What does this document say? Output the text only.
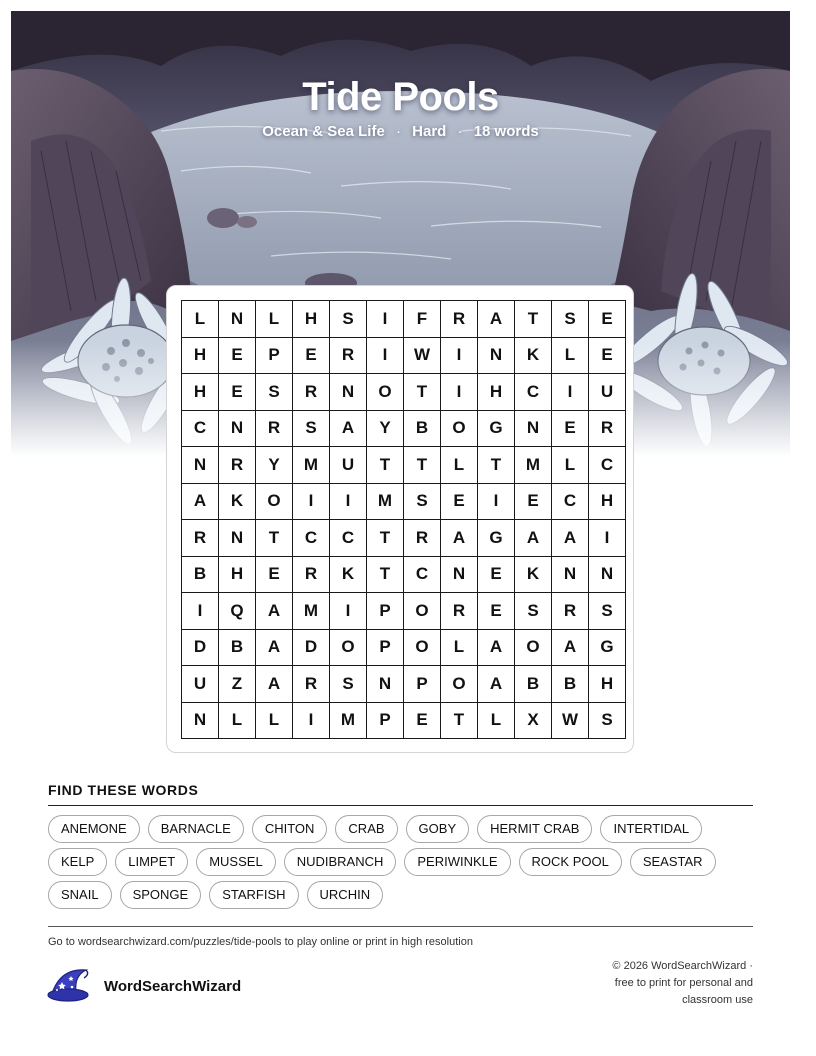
Tide Pools
Ocean & Sea Life · Hard · 18 words
L	N	L	H	S	I	F	R	A	T	S	E
H	E	P	E	R	I	W	I	N	K	L	E
H	E	S	R	N	O	T	I	H	C	I	U
C	N	R	S	A	Y	B	O	G	N	E	R
N	R	Y	M	U	T	T	L	T	M	L	C
A	K	O	I	I	M	S	E	I	E	C	H
R	N	T	C	C	T	R	A	G	A	A	I
B	H	E	R	K	T	C	N	E	K	N	N
I	Q	A	M	I	P	O	R	E	S	R	S
D	B	A	D	O	P	O	L	A	O	A	G
U	Z	A	R	S	N	P	O	A	B	B	H
N	L	L	I	M	P	E	T	L	X	W	S
FIND THESE WORDS
ANEMONE	BARNACLE	CHITON	CRAB	GOBY	HERMIT CRAB	INTERTIDAL
KELP	LIMPET	MUSSEL	NUDIBRANCH	PERIWINKLE	ROCK POOL	SEASTAR
SNAIL	SPONGE	STARFISH	URCHIN
Go to wordsearchwizard.com/puzzles/tide-pools to play online or print in high resolution
WordSearchWizard
© 2026 WordSearchWizard ·
free to print for personal and
classroom use
